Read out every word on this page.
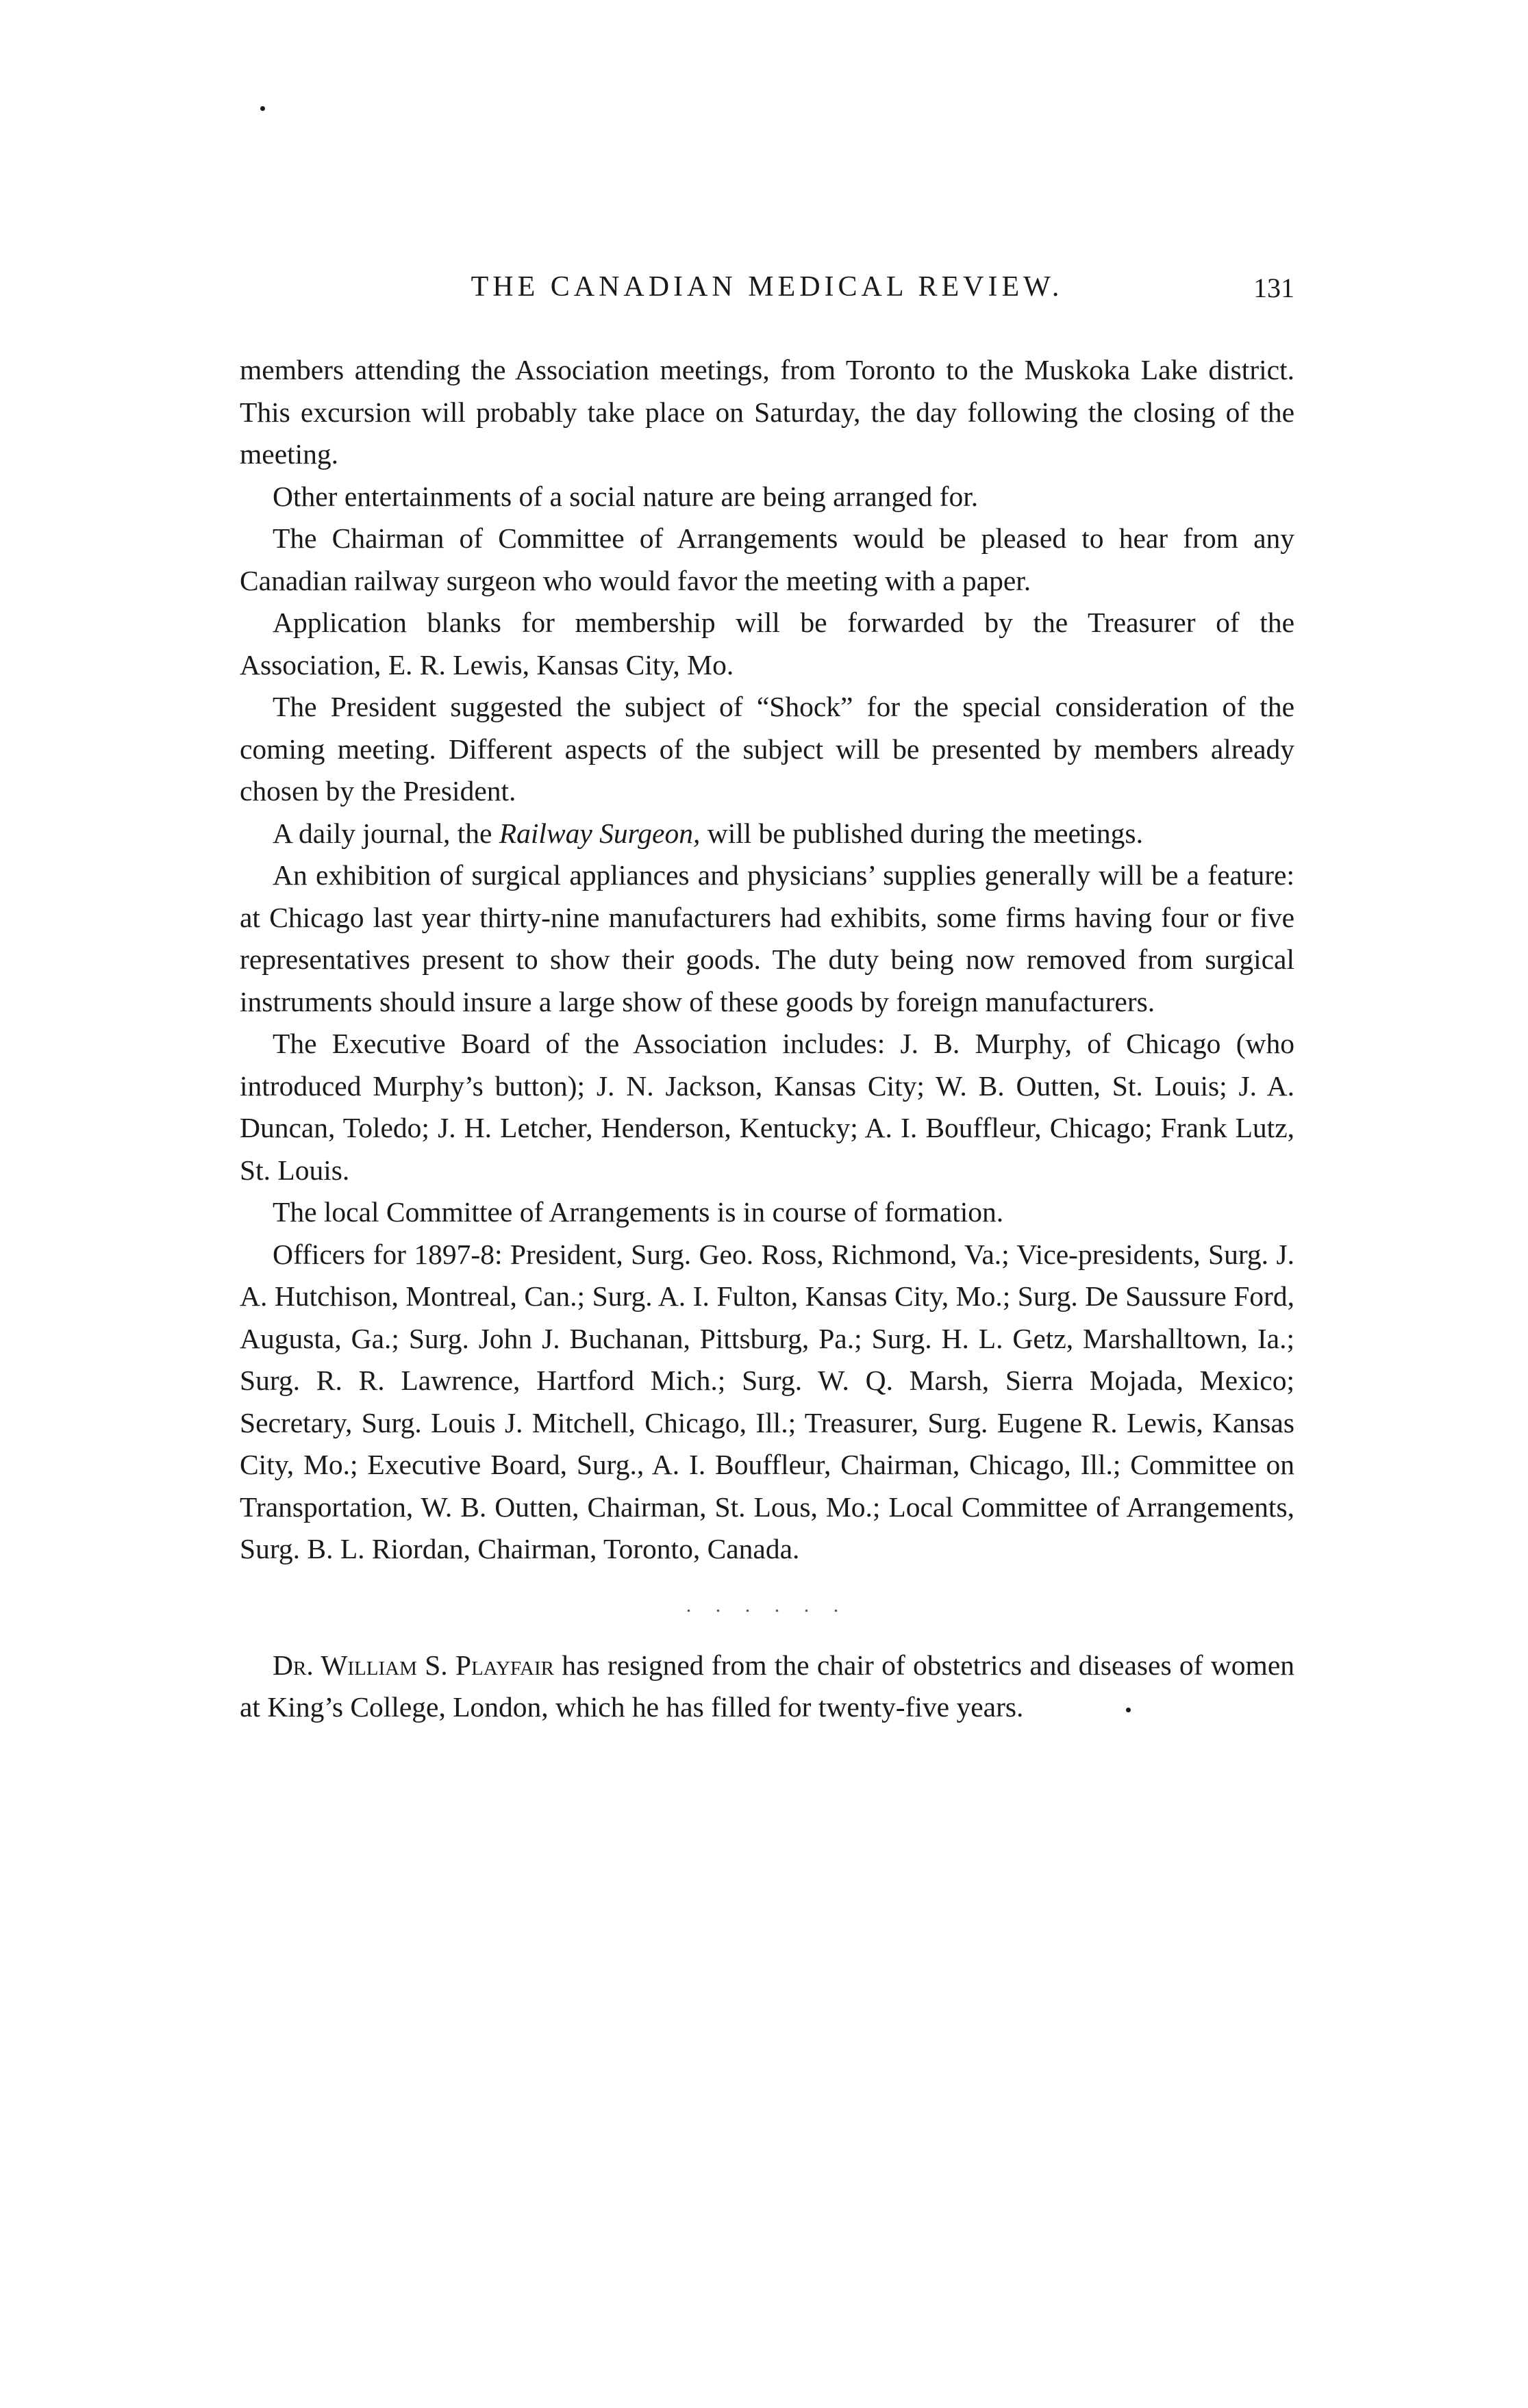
THE CANADIAN MEDICAL REVIEW.	131

members attending the Association meetings, from Toronto to the Muskoka Lake district. This excursion will probably take place on Saturday, the day following the closing of the meeting.

Other entertainments of a social nature are being arranged for.

The Chairman of Committee of Arrangements would be pleased to hear from any Canadian railway surgeon who would favor the meeting with a paper.

Application blanks for membership will be forwarded by the Treasurer of the Association, E. R. Lewis, Kansas City, Mo.

The President suggested the subject of “Shock” for the special consideration of the coming meeting. Different aspects of the subject will be presented by members already chosen by the President.

A daily journal, the Railway Surgeon, will be published during the meetings.

An exhibition of surgical appliances and physicians’ supplies generally will be a feature: at Chicago last year thirty-nine manufacturers had exhibits, some firms having four or five representatives present to show their goods. The duty being now removed from surgical instruments should insure a large show of these goods by foreign manufacturers.

The Executive Board of the Association includes: J. B. Murphy, of Chicago (who introduced Murphy’s button); J. N. Jackson, Kansas City; W. B. Outten, St. Louis; J. A. Duncan, Toledo; J. H. Letcher, Henderson, Kentucky; A. I. Bouffleur, Chicago; Frank Lutz, St. Louis.

The local Committee of Arrangements is in course of formation.

Officers for 1897-8: President, Surg. Geo. Ross, Richmond, Va.; Vice-presidents, Surg. J. A. Hutchison, Montreal, Can.; Surg. A. I. Fulton, Kansas City, Mo.; Surg. De Saussure Ford, Augusta, Ga.; Surg. John J. Buchanan, Pittsburg, Pa.; Surg. H. L. Getz, Marshalltown, Ia.; Surg. R. R. Lawrence, Hartford Mich.; Surg. W. Q. Marsh, Sierra Mojada, Mexico; Secretary, Surg. Louis J. Mitchell, Chicago, Ill.; Treasurer, Surg. Eugene R. Lewis, Kansas City, Mo.; Executive Board, Surg., A. I. Bouffleur, Chairman, Chicago, Ill.; Committee on Transportation, W. B. Outten, Chairman, St. Lous, Mo.; Local Committee of Arrangements, Surg. B. L. Riordan, Chairman, Toronto, Canada.

. . . . . .

Dr. William S. Playfair has resigned from the chair of obstetrics and diseases of women at King’s College, London, which he has filled for twenty-five years.
